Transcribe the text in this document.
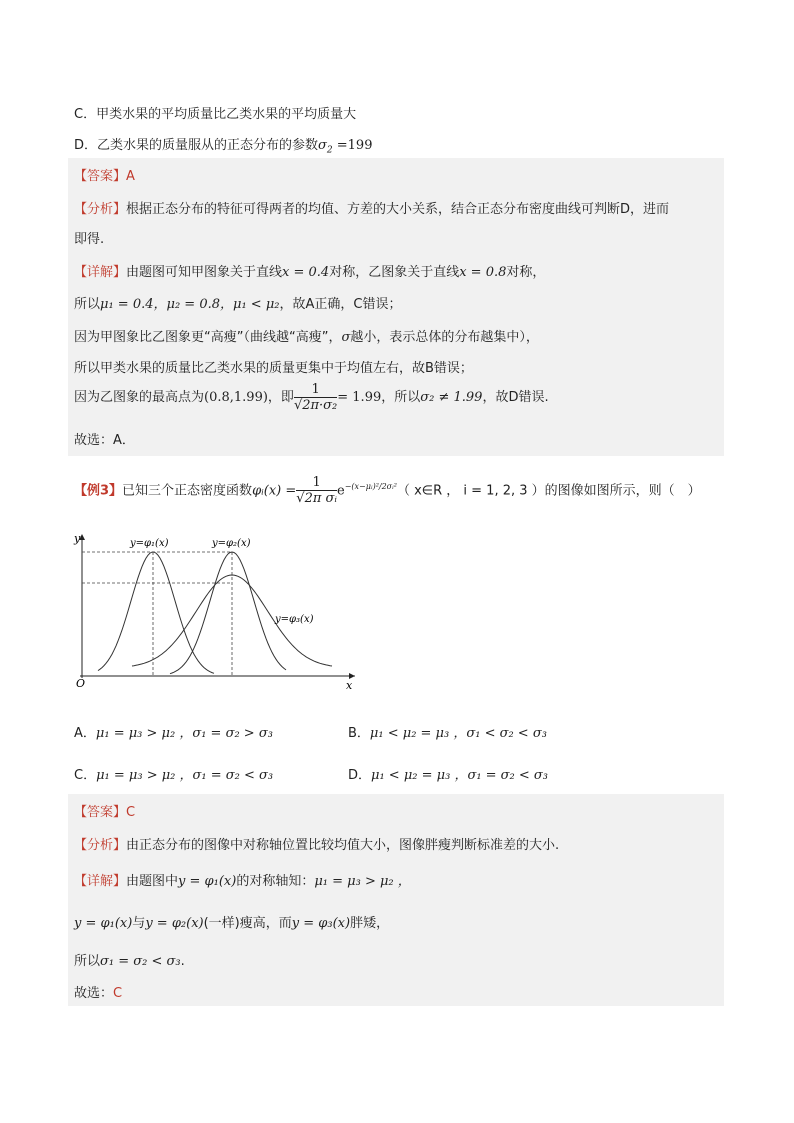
C．甲类水果的平均质量比乙类水果的平均质量大
D．乙类水果的质量服从的正态分布的参数$\sigma_2 =199$
【答案】A
【分析】根据正态分布的特征可得两者的均值、方差的大小关系，结合正态分布密度曲线可判断D，进而
即得.
【详解】由题图可知甲图象关于直线x = 0.4对称，乙图象关于直线x = 0.8对称，
所以μ₁ = 0.4，μ₂ = 0.8，μ₁ < μ₂，故A正确，C错误；
因为甲图象比乙图象更“高瘦”（曲线越“高瘦”，σ越小，表示总体的分布越集中），
所以甲类水果的质量比乙类水果的质量更集中于均值左右，故B错误；
因为乙图象的最高点为(0.8,1.99)，即 $\frac{1}{\text{√2π·σ₂}} = 1.99$，所以σ₂ ≠ 1.99，故D错误.
故选：A．
【例3】已知三个正态密度函数φᵢ(x) = $\frac{1}{\text{√2π σᵢ}} e^{-(x-\mu ᵢ)^2/2\sigma ᵢ^2}$（ x∈R ， i = 1, 2, 3 ）的图像如图所示，则（　）
y
x
O
y=φ₁(x)	y=φ₂(x)
y=φ₃(x)
A．μ₁ = μ₃ > μ₂ ，σ₁ = σ₂ > σ₃	B．μ₁ < μ₂ = μ₃ ，σ₁ < σ₂ < σ₃
C．μ₁ = μ₃ > μ₂ ，σ₁ = σ₂ < σ₃	D．μ₁ < μ₂ = μ₃ ，σ₁ = σ₂ < σ₃
【答案】C
【分析】由正态分布的图像中对称轴位置比较均值大小，图像胖瘦判断标准差的大小.
【详解】由题图中y = φ₁(x)的对称轴知：μ₁ = μ₃ > μ₂ ，
y = φ₁(x)与y = φ₂(x)(一样)瘦高，而y = φ₃(x)胖矮，
所以σ₁ = σ₂ < σ₃.
故选：C
